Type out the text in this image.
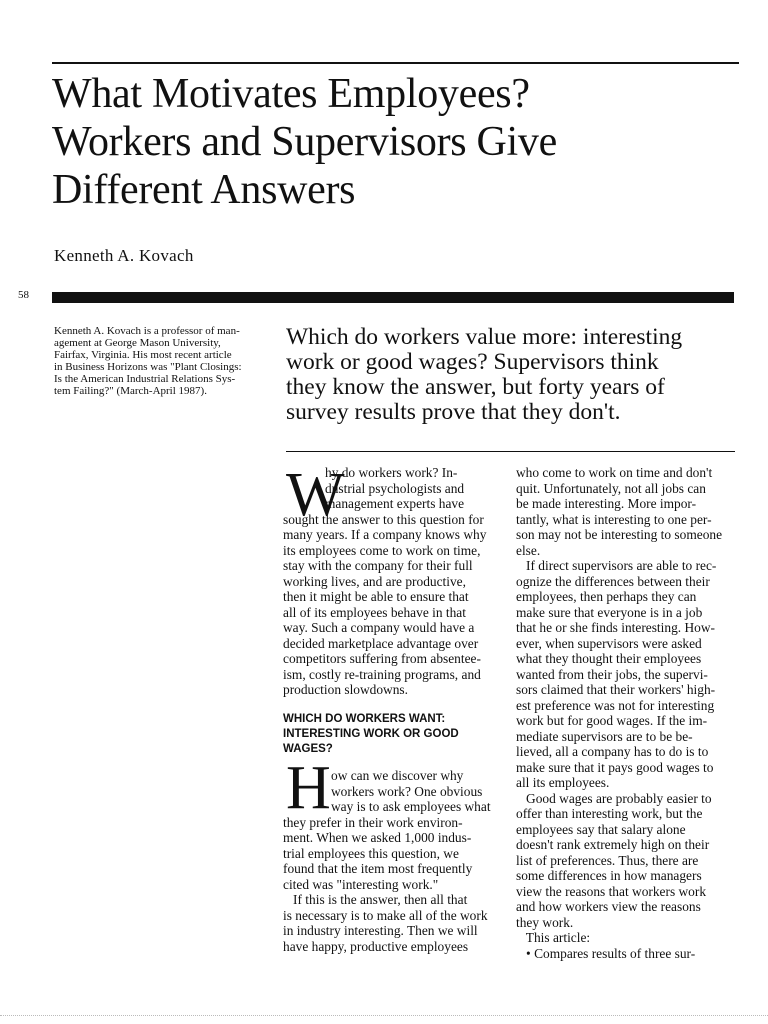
What Motivates Employees?
Workers and Supervisors Give
Different Answers
Kenneth A. Kovach
58
Kenneth A. Kovach is a professor of man-
agement at George Mason University,
Fairfax, Virginia. His most recent article
in Business Horizons was "Plant Closings:
Is the American Industrial Relations Sys-
tem Failing?" (March-April 1987).
Which do workers value more: interesting
work or good wages? Supervisors think
they know the answer, but forty years of
survey results prove that they don't.
W
hy do workers work? In-
dustrial psychologists and
management experts have
sought the answer to this question for
many years. If a company knows why
its employees come to work on time,
stay with the company for their full
working lives, and are productive,
then it might be able to ensure that
all of its employees behave in that
way. Such a company would have a
decided marketplace advantage over
competitors suffering from absentee-
ism, costly re-training programs, and
production slowdowns.
WHICH DO WORKERS WANT:
INTERESTING WORK OR GOOD
WAGES?
H ow can we discover why
workers work? One obvious
way is to ask employees what
they prefer in their work environ-
ment. When we asked 1,000 indus-
trial employees this question, we
found that the item most frequently
cited was "interesting work."
If this is the answer, then all that
is necessary is to make all of the work
in industry interesting. Then we will
have happy, productive employees
who come to work on time and don't
quit. Unfortunately, not all jobs can
be made interesting. More impor-
tantly, what is interesting to one per-
son may not be interesting to someone
else.
If direct supervisors are able to rec-
ognize the differences between their
employees, then perhaps they can
make sure that everyone is in a job
that he or she finds interesting. How-
ever, when supervisors were asked
what they thought their employees
wanted from their jobs, the supervi-
sors claimed that their workers' high-
est preference was not for interesting
work but for good wages. If the im-
mediate supervisors are to be be-
lieved, all a company has to do is to
make sure that it pays good wages to
all its employees.
Good wages are probably easier to
offer than interesting work, but the
employees say that salary alone
doesn't rank extremely high on their
list of preferences. Thus, there are
some differences in how managers
view the reasons that workers work
and how workers view the reasons
they work.
This article:
• Compares results of three sur-
